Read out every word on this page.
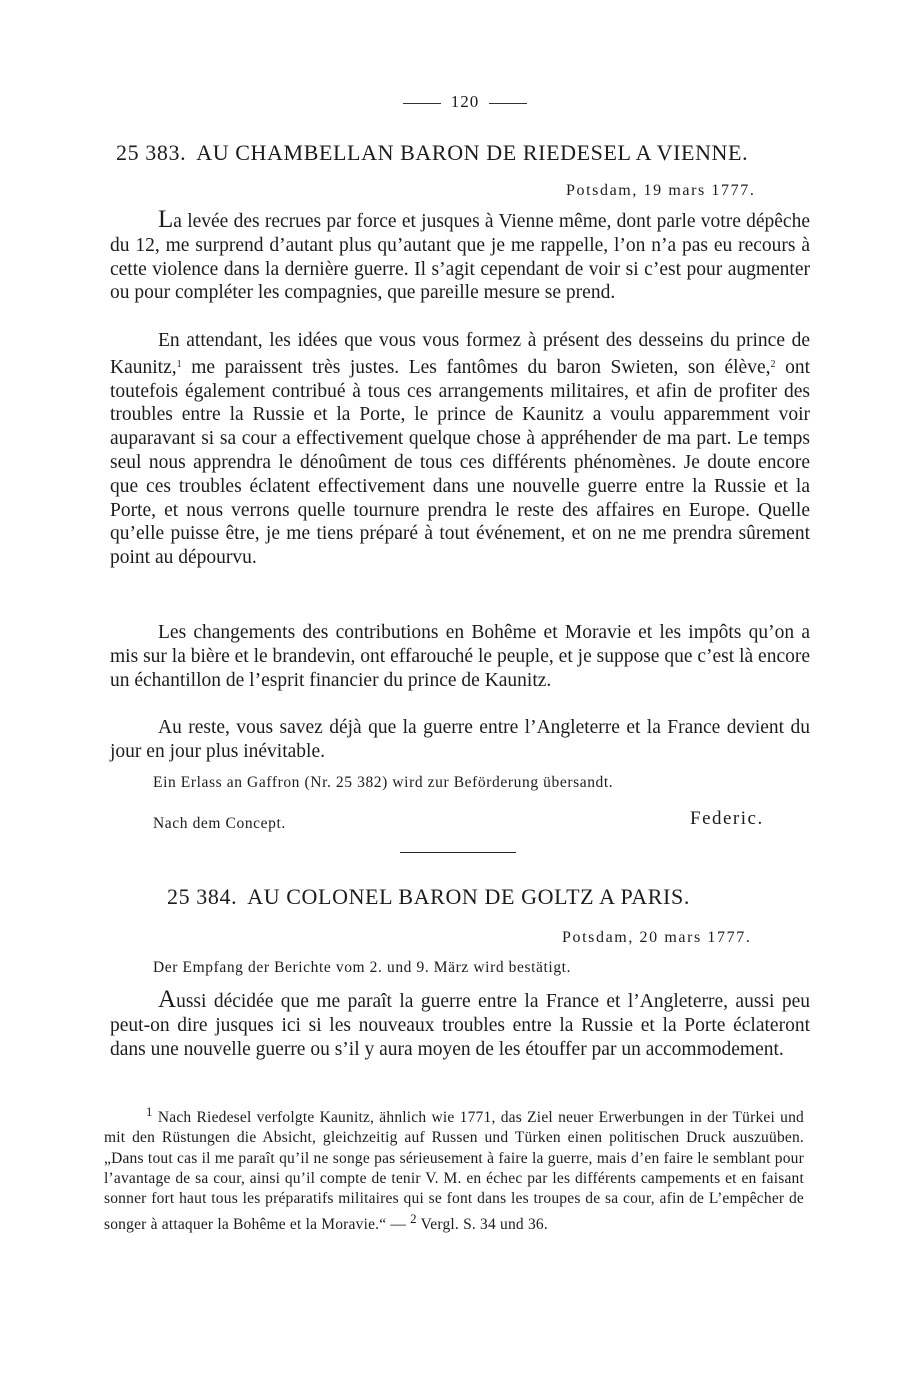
120
25 383. AU CHAMBELLAN BARON DE RIEDESEL A VIENNE.
Potsdam, 19 mars 1777.

La levée des recrues par force et jusques à Vienne même, dont parle votre dépêche du 12, me surprend d’autant plus qu’autant que je me rappelle, l’on n’a pas eu recours à cette violence dans la dernière guerre. Il s’agit cependant de voir si c’est pour augmenter ou pour compléter les compagnies, que pareille mesure se prend.

En attendant, les idées que vous vous formez à présent des desseins du prince de Kaunitz,$^1$ me paraissent très justes. Les fantômes du baron Swieten, son élève,$^2$ ont toutefois également contribué à tous ces arrangements militaires, et afin de profiter des troubles entre la Russie et la Porte, le prince de Kaunitz a voulu apparemment voir auparavant si sa cour a effectivement quelque chose à appréhender de ma part. Le temps seul nous apprendra le dénoûment de tous ces différents phénomènes. Je doute encore que ces troubles éclatent effectivement dans une nouvelle guerre entre la Russie et la Porte, et nous verrons quelle tournure prendra le reste des affaires en Europe. Quelle qu’elle puisse être, je me tiens préparé à tout événement, et on ne me prendra sûrement point au dépourvu.

Les changements des contributions en Bohême et Moravie et les impôts qu’on a mis sur la bière et le brandevin, ont effarouché le peuple, et je suppose que c’est là encore un échantillon de l’esprit financier du prince de Kaunitz.

Au reste, vous savez déjà que la guerre entre l’Angleterre et la France devient du jour en jour plus inévitable.

Ein Erlass an Gaffron (Nr. 25 382) wird zur Beförderung übersandt.
Nach dem Concept.	Federic.
25 384. AU COLONEL BARON DE GOLTZ A PARIS.
Potsdam, 20 mars 1777.
Der Empfang der Berichte vom 2. und 9. März wird bestätigt.

Aussi décidée que me paraît la guerre entre la France et l’Angleterre, aussi peu peut-on dire jusques ici si les nouveaux troubles entre la Russie et la Porte éclateront dans une nouvelle guerre ou s’il y aura moyen de les étouffer par un accommodement.

$^1$ Nach Riedesel verfolgte Kaunitz, ähnlich wie 1771, das Ziel neuer Erwerbungen in der Türkei und mit den Rüstungen die Absicht, gleichzeitig auf Russen und Türken einen politischen Druck auszuüben. „Dans tout cas il me paraît qu’il ne songe pas sérieusement à faire la guerre, mais d’en faire le semblant pour l’avantage de sa cour, ainsi qu’il compte de tenir V. M. en échec par les différents campements et en faisant sonner fort haut tous les préparatifs militaires qui se font dans les troupes de sa cour, afin de L’empêcher de songer à attaquer la Bohême et la Moravie.“ — $^2$ Vergl. S. 34 und 36.
